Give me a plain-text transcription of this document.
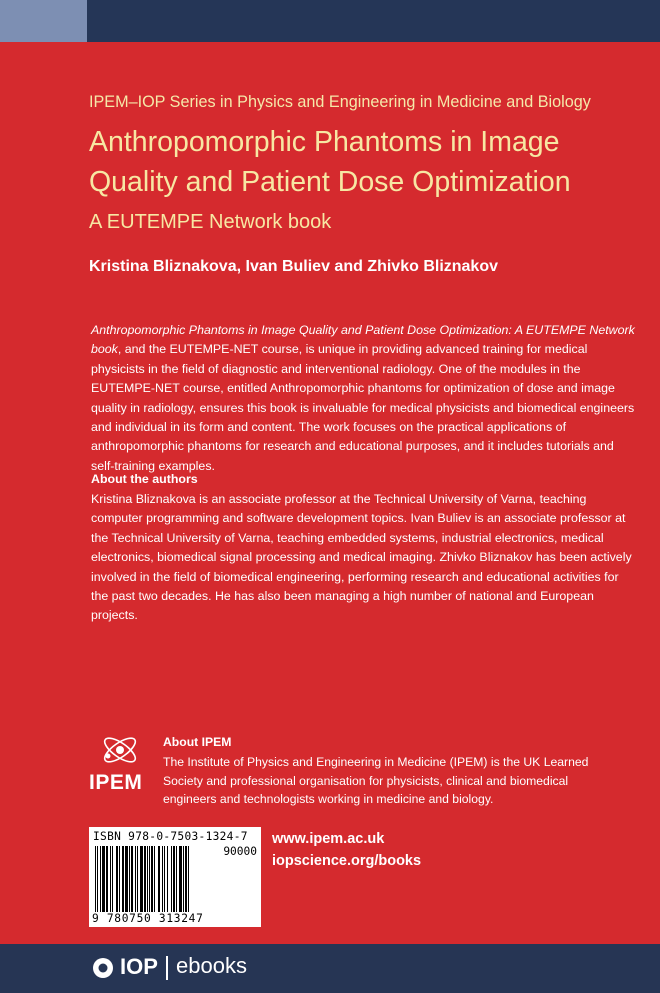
IPEM–IOP Series in Physics and Engineering in Medicine and Biology
Anthropomorphic Phantoms in Image
Quality and Patient Dose Optimization
A EUTEMPE Network book
Kristina Bliznakova, Ivan Buliev and Zhivko Bliznakov
Anthropomorphic Phantoms in Image Quality and Patient Dose Optimization: A EUTEMPE Network book, and the EUTEMPE-NET course, is unique in providing advanced training for medical physicists in the field of diagnostic and interventional radiology. One of the modules in the EUTEMPE-NET course, entitled Anthropomorphic phantoms for optimization of dose and image quality in radiology, ensures this book is invaluable for medical physicists and biomedical engineers and individual in its form and content. The work focuses on the practical applications of anthropomorphic phantoms for research and educational purposes, and it includes tutorials and self-training examples.
About the authors
Kristina Bliznakova is an associate professor at the Technical University of Varna, teaching computer programming and software development topics. Ivan Buliev is an associate professor at the Technical University of Varna, teaching embedded systems, industrial electronics, medical electronics, biomedical signal processing and medical imaging. Zhivko Bliznakov has been actively involved in the field of biomedical engineering, performing research and educational activities for the past two decades. He has also been managing a high number of national and European projects.
IPEM
About IPEM
The Institute of Physics and Engineering in Medicine (IPEM) is the UK Learned Society and professional organisation for physicists, clinical and biomedical engineers and technologists working in medicine and biology.
ISBN 978-0-7503-1324-7
90000
9 780750 313247
www.ipem.ac.uk
iopscience.org/books
IOP ebooks
